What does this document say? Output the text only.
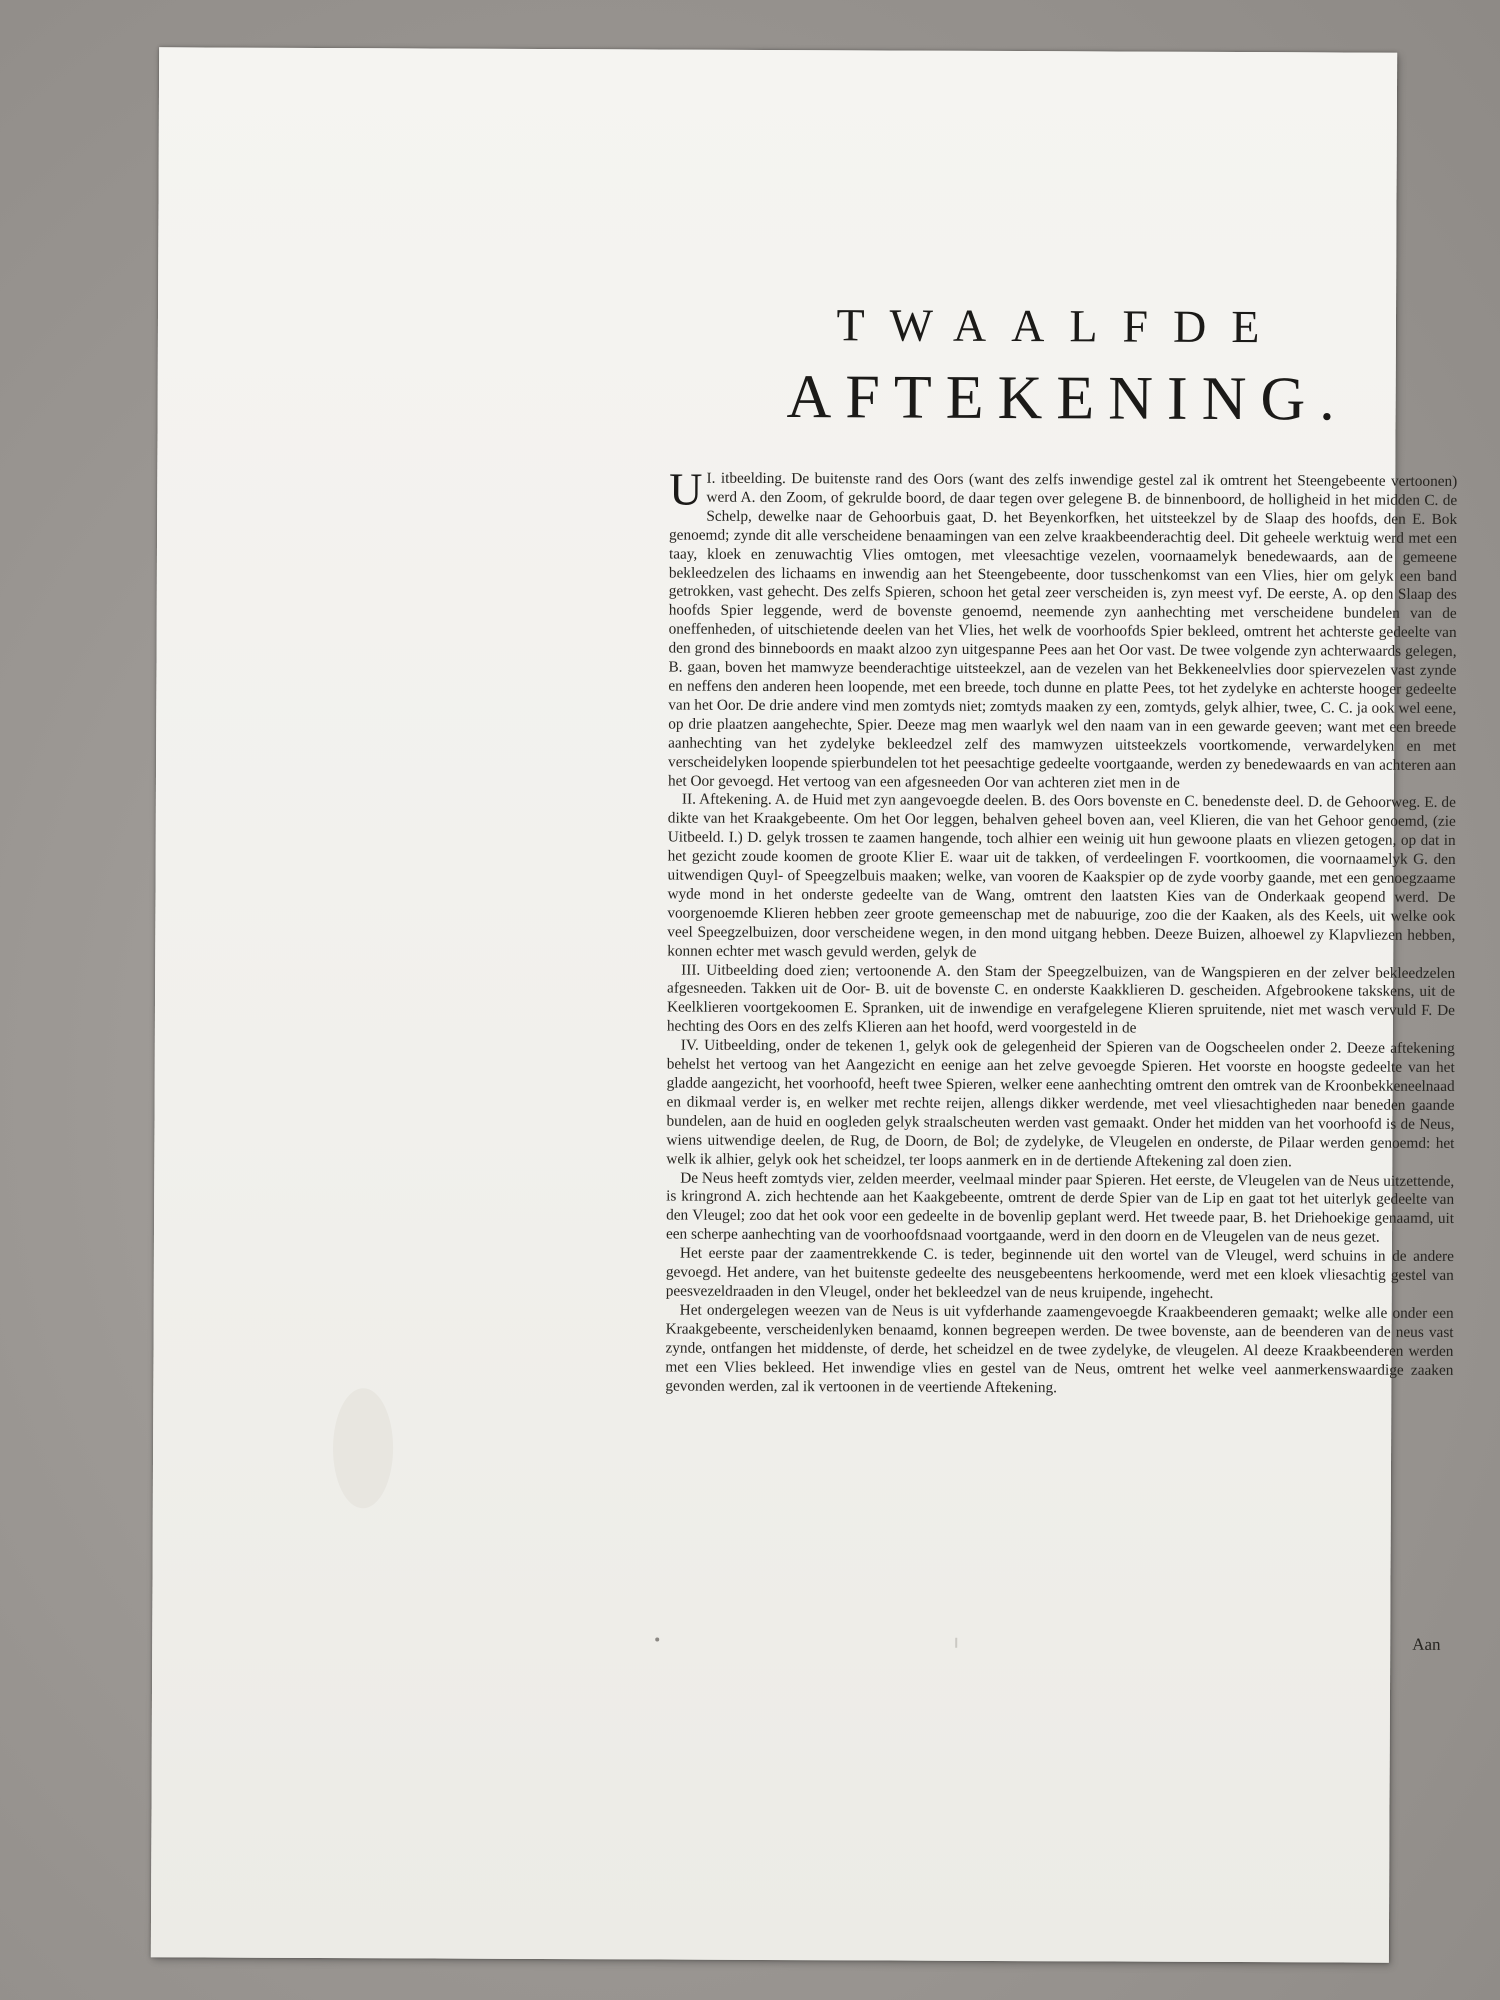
TWAALFDE
AFTEKENING.

I.
U itbeelding. De buitenste rand des Oors (want des zelfs inwendige gestel zal ik omtrent het Steengebeente vertoonen) werd A. den Zoom, of gekrulde boord, de daar tegen over gelegene B. de binnenboord, de holligheid in het midden C. de Schelp, dewelke naar de Gehoorbuis gaat, D. het Beyenkorfken, het uitsteekzel by de Slaap des hoofds, den E. Bok genoemd; zynde dit alle verscheidene benaamingen van een zelve kraakbeenderachtig deel. Dit geheele werktuig werd met een taay, kloek en zenuwachtig Vlies omtogen, met vleesachtige vezelen, voornaamelyk benedewaards, aan de gemeene bekleedzelen des lichaams en inwendig aan het Steengebeente, door tusschenkomst van een Vlies, hier om gelyk een band getrokken, vast gehecht. Des zelfs Spieren, schoon het getal zeer verscheiden is, zyn meest vyf. De eerste, A. op den Slaap des hoofds Spier leggende, werd de bovenste genoemd, neemende zyn aanhechting met verscheidene bundelen van de oneffenheden, of uitschietende deelen van het Vlies, het welk de voorhoofds Spier bekleed, omtrent het achterste gedeelte van den grond des binneboords en maakt alzoo zyn uitgespanne Pees aan het Oor vast. De twee volgende zyn achterwaards gelegen, B. gaan, boven het mamwyze beenderachtige uitsteekzel, aan de vezelen van het Bekkeneelvlies door spiervezelen vast zynde en neffens den anderen heen loopende, met een breede, toch dunne en platte Pees, tot het zydelyke en achterste hooger gedeelte van het Oor. De drie andere vind men zomtyds niet; zomtyds maaken zy een, zomtyds, gelyk alhier, twee, C. C. ja ook wel eene, op drie plaatzen aangehechte, Spier. Deeze mag men waarlyk wel den naam van in een gewarde geeven; want met een breede aanhechting van het zydelyke bekleedzel zelf des mamwyzen uitsteekzels voortkomende, verwardelyken en met verscheidelyken loopende spierbundelen tot het peesachtige gedeelte voortgaande, werden zy benedewaards en van achteren aan het Oor gevoegd. Het vertoog van een afgesneeden Oor van achteren ziet men in de

II. Aftekening. A. de Huid met zyn aangevoegde deelen. B. des Oors bovenste en C. benedenste deel. D. de Gehoorweg. E. de dikte van het Kraakgebeente. Om het Oor leggen, behalven geheel boven aan, veel Klieren, die van het Gehoor genoemd, (zie Uitbeeld. I.) D. gelyk trossen te zaamen hangende, toch alhier een weinig uit hun gewoone plaats en vliezen getogen, op dat in het gezicht zoude koomen de groote Klier E. waar uit de takken, of verdeelingen F. voortkoomen, die voornaamelyk G. den uitwendigen Quyl- of Speegzelbuis maaken; welke, van vooren de Kaakspier op de zyde voorby gaande, met een genoegzaame wyde mond in het onderste gedeelte van de Wang, omtrent den laatsten Kies van de Onderkaak geopend werd. De voorgenoemde Klieren hebben zeer groote gemeenschap met de nabuurige, zoo die der Kaaken, als des Keels, uit welke ook veel Speegzelbuizen, door verscheidene wegen, in den mond uitgang hebben. Deeze Buizen, alhoewel zy Klapvliezen hebben, konnen echter met wasch gevuld werden, gelyk de

III. Uitbeelding doed zien; vertoonende A. den Stam der Speegzelbuizen, van de Wangspieren en der zelver bekleedzelen afgesneeden. Takken uit de Oor- B. uit de bovenste C. en onderste Kaakklieren D. gescheiden. Afgebrookene takskens, uit de Keelklieren voortgekoomen E. Spranken, uit de inwendige en verafgelegene Klieren spruitende, niet met wasch vervuld F. De hechting des Oors en des zelfs Klieren aan het hoofd, werd voorgesteld in de

IV. Uitbeelding, onder de tekenen 1, gelyk ook de gelegenheid der Spieren van de Oogscheelen onder 2. Deeze aftekening behelst het vertoog van het Aangezicht en eenige aan het zelve gevoegde Spieren. Het voorste en hoogste gedeelte van het gladde aangezicht, het voorhoofd, heeft twee Spieren, welker eene aanhechting omtrent den omtrek van de Kroonbekkeneelnaad en dikmaal verder is, en welker met rechte reijen, allengs dikker werdende, met veel vliesachtigheden naar beneden gaande bundelen, aan de huid en oogleden gelyk straalscheuten werden vast gemaakt. Onder het midden van het voorhoofd is de Neus, wiens uitwendige deelen, de Rug, de Doorn, de Bol; de zydelyke, de Vleugelen en onderste, de Pilaar werden genoemd: het welk ik alhier, gelyk ook het scheidzel, ter loops aanmerk en in de dertiende Aftekening zal doen zien.

De Neus heeft zomtyds vier, zelden meerder, veelmaal minder paar Spieren. Het eerste, de Vleugelen van de Neus uitzettende, is kringrond A. zich hechtende aan het Kaakgebeente, omtrent de derde Spier van de Lip en gaat tot het uiterlyk gedeelte van den Vleugel; zoo dat het ook voor een gedeelte in de bovenlip geplant werd. Het tweede paar, B. het Driehoekige genaamd, uit een scherpe aanhechting van de voorhoofdsnaad voortgaande, werd in den doorn en de Vleugelen van de neus gezet.

Het eerste paar der zaamentrekkende C. is teder, beginnende uit den wortel van de Vleugel, werd schuins in de andere gevoegd. Het andere, van het buitenste gedeelte des neusgebeentens herkoomende, werd met een kloek vliesachtig gestel van peesvezeldraaden in den Vleugel, onder het bekleedzel van de neus kruipende, ingehecht.

Het ondergelegen weezen van de Neus is uit vyfderhande zaamengevoegde Kraakbeenderen gemaakt; welke alle onder een Kraakgebeente, verscheidenlyken benaamd, konnen begreepen werden. De twee bovenste, aan de beenderen van de neus vast zynde, ontfangen het middenste, of derde, het scheidzel en de twee zydelyke, de vleugelen. Al deeze Kraakbeenderen werden met een Vlies bekleed. Het inwendige vlies en gestel van de Neus, omtrent het welke veel aanmerkenswaardige zaaken gevonden werden, zal ik vertoonen in de veertiende Aftekening.

Aan
